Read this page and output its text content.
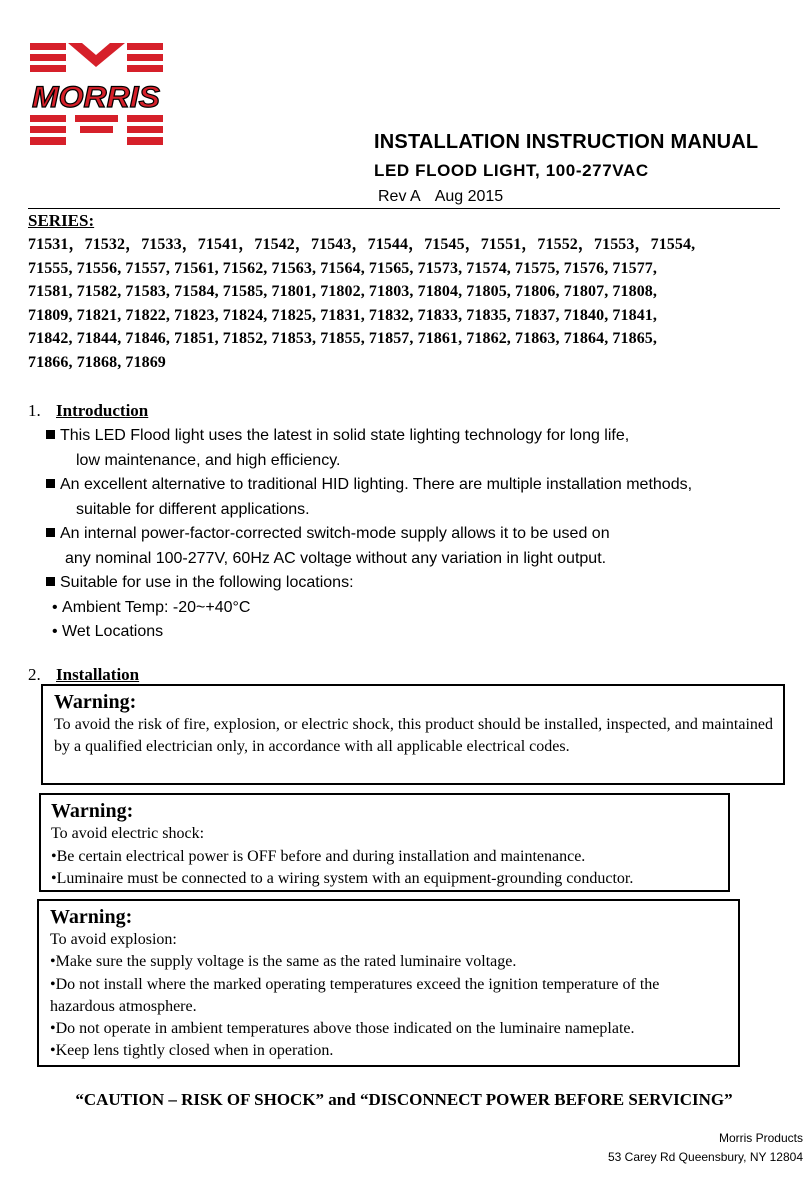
MORRIS
INSTALLATION INSTRUCTION MANUAL
LED FLOOD LIGHT, 100-277VAC
Rev A Aug 2015
SERIES:
71531，71532，71533，71541，71542，71543，71544，71545，71551，71552，71553，71554,
71555, 71556, 71557, 71561, 71562, 71563, 71564, 71565, 71573, 71574, 71575, 71576, 71577,
71581, 71582, 71583, 71584, 71585, 71801, 71802, 71803, 71804, 71805, 71806, 71807, 71808,
71809, 71821, 71822, 71823, 71824, 71825, 71831, 71832, 71833, 71835, 71837, 71840, 71841,
71842, 71844, 71846, 71851, 71852, 71853, 71855, 71857, 71861, 71862, 71863, 71864, 71865,
71866, 71868, 71869
1. Introduction
This LED Flood light uses the latest in solid state lighting technology for long life,
low maintenance, and high efficiency.
An excellent alternative to traditional HID lighting. There are multiple installation methods,
suitable for different applications.
An internal power-factor-corrected switch-mode supply allows it to be used on
any nominal 100-277V, 60Hz AC voltage without any variation in light output.
Suitable for use in the following locations:
• Ambient Temp: -20~+40°C
• Wet Locations
2. Installation
Warning:
To avoid the risk of fire, explosion, or electric shock, this product should be installed, inspected, and maintained by a qualified electrician only, in accordance with all applicable electrical codes.
Warning:
To avoid electric shock:
•Be certain electrical power is OFF before and during installation and maintenance.
•Luminaire must be connected to a wiring system with an equipment-grounding conductor.
Warning:
To avoid explosion:
•Make sure the supply voltage is the same as the rated luminaire voltage.
•Do not install where the marked operating temperatures exceed the ignition temperature of the hazardous atmosphere.
•Do not operate in ambient temperatures above those indicated on the luminaire nameplate.
•Keep lens tightly closed when in operation.
“CAUTION – RISK OF SHOCK” and “DISCONNECT POWER BEFORE SERVICING”
Morris Products
53 Carey Rd Queensbury, NY 12804
